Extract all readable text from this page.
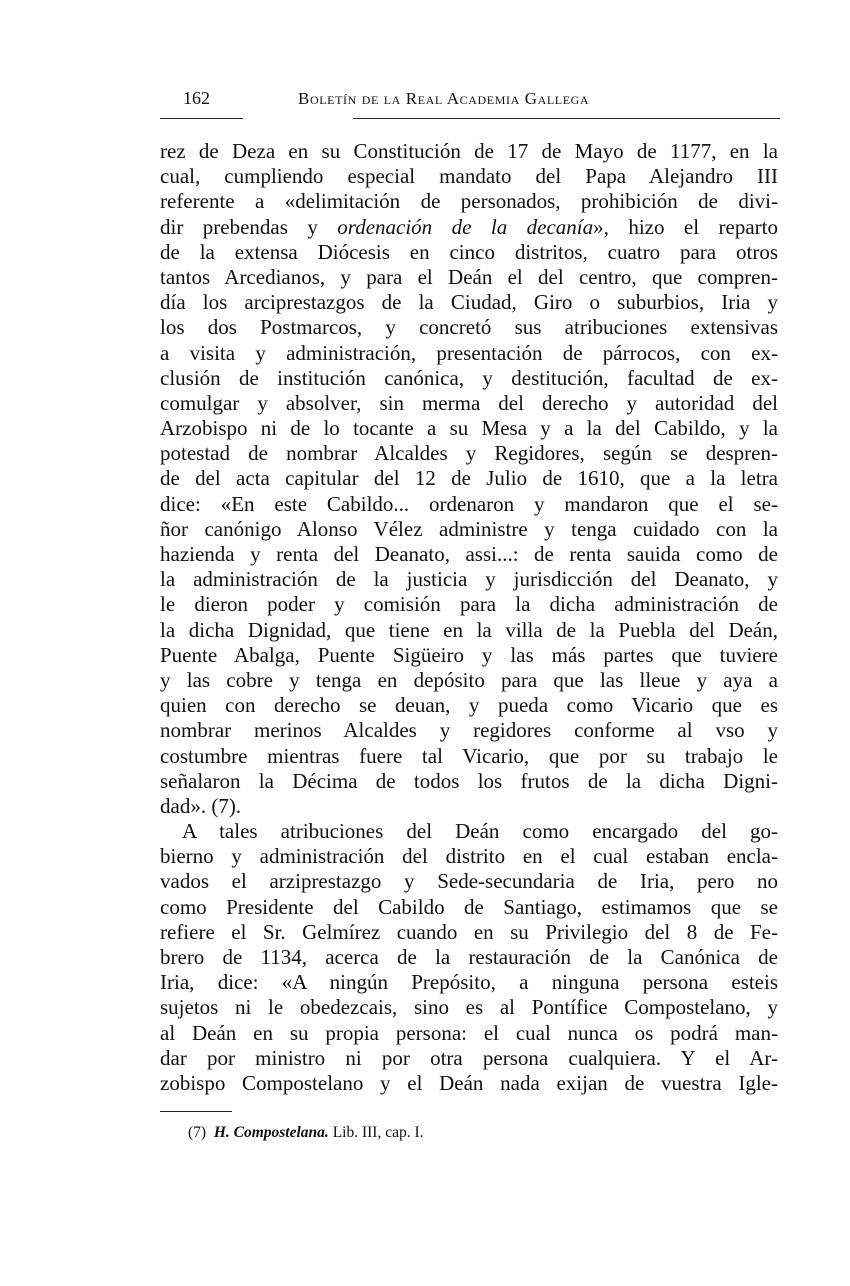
162	Boletín de la Real Academia Gallega
rez de Deza en su Constitución de 17 de Mayo de 1177, en la
cual, cumpliendo especial mandato del Papa Alejandro III
referente a «delimitación de personados, prohibición de divi-
dir prebendas y ordenación de la decanía», hizo el reparto
de la extensa Diócesis en cinco distritos, cuatro para otros
tantos Arcedianos, y para el Deán el del centro, que compren-
día los arciprestazgos de la Ciudad, Giro o suburbios, Iria y
los dos Postmarcos, y concretó sus atribuciones extensivas
a visita y administración, presentación de párrocos, con ex-
clusión de institución canónica, y destitución, facultad de ex-
comulgar y absolver, sin merma del derecho y autoridad del
Arzobispo ni de lo tocante a su Mesa y a la del Cabildo, y la
potestad de nombrar Alcaldes y Regidores, según se despren-
de del acta capitular del 12 de Julio de 1610, que a la letra
dice: «En este Cabildo... ordenaron y mandaron que el se-
ñor canónigo Alonso Vélez administre y tenga cuidado con la
hazienda y renta del Deanato, assi...: de renta sauida como de
la administración de la justicia y jurisdicción del Deanato, y
le dieron poder y comisión para la dicha administración de
la dicha Dignidad, que tiene en la villa de la Puebla del Deán,
Puente Abalga, Puente Sigüeiro y las más partes que tuviere
y las cobre y tenga en depósito para que las lleue y aya a
quien con derecho se deuan, y pueda como Vicario que es
nombrar merinos Alcaldes y regidores conforme al vso y
costumbre mientras fuere tal Vicario, que por su trabajo le
señalaron la Décima de todos los frutos de la dicha Digni-
dad». (7).
A tales atribuciones del Deán como encargado del go-
bierno y administración del distrito en el cual estaban encla-
vados el arziprestazgo y Sede-secundaria de Iria, pero no
como Presidente del Cabildo de Santiago, estimamos que se
refiere el Sr. Gelmírez cuando en su Privilegio del 8 de Fe-
brero de 1134, acerca de la restauración de la Canónica de
Iria, dice: «A ningún Prepósito, a ninguna persona esteis
sujetos ni le obedezcais, sino es al Pontífice Compostelano, y
al Deán en su propia persona: el cual nunca os podrá man-
dar por ministro ni por otra persona cualquiera. Y el Ar-
zobispo Compostelano y el Deán nada exijan de vuestra Igle-
(7) H. Compostelana. Lib. III, cap. I.
